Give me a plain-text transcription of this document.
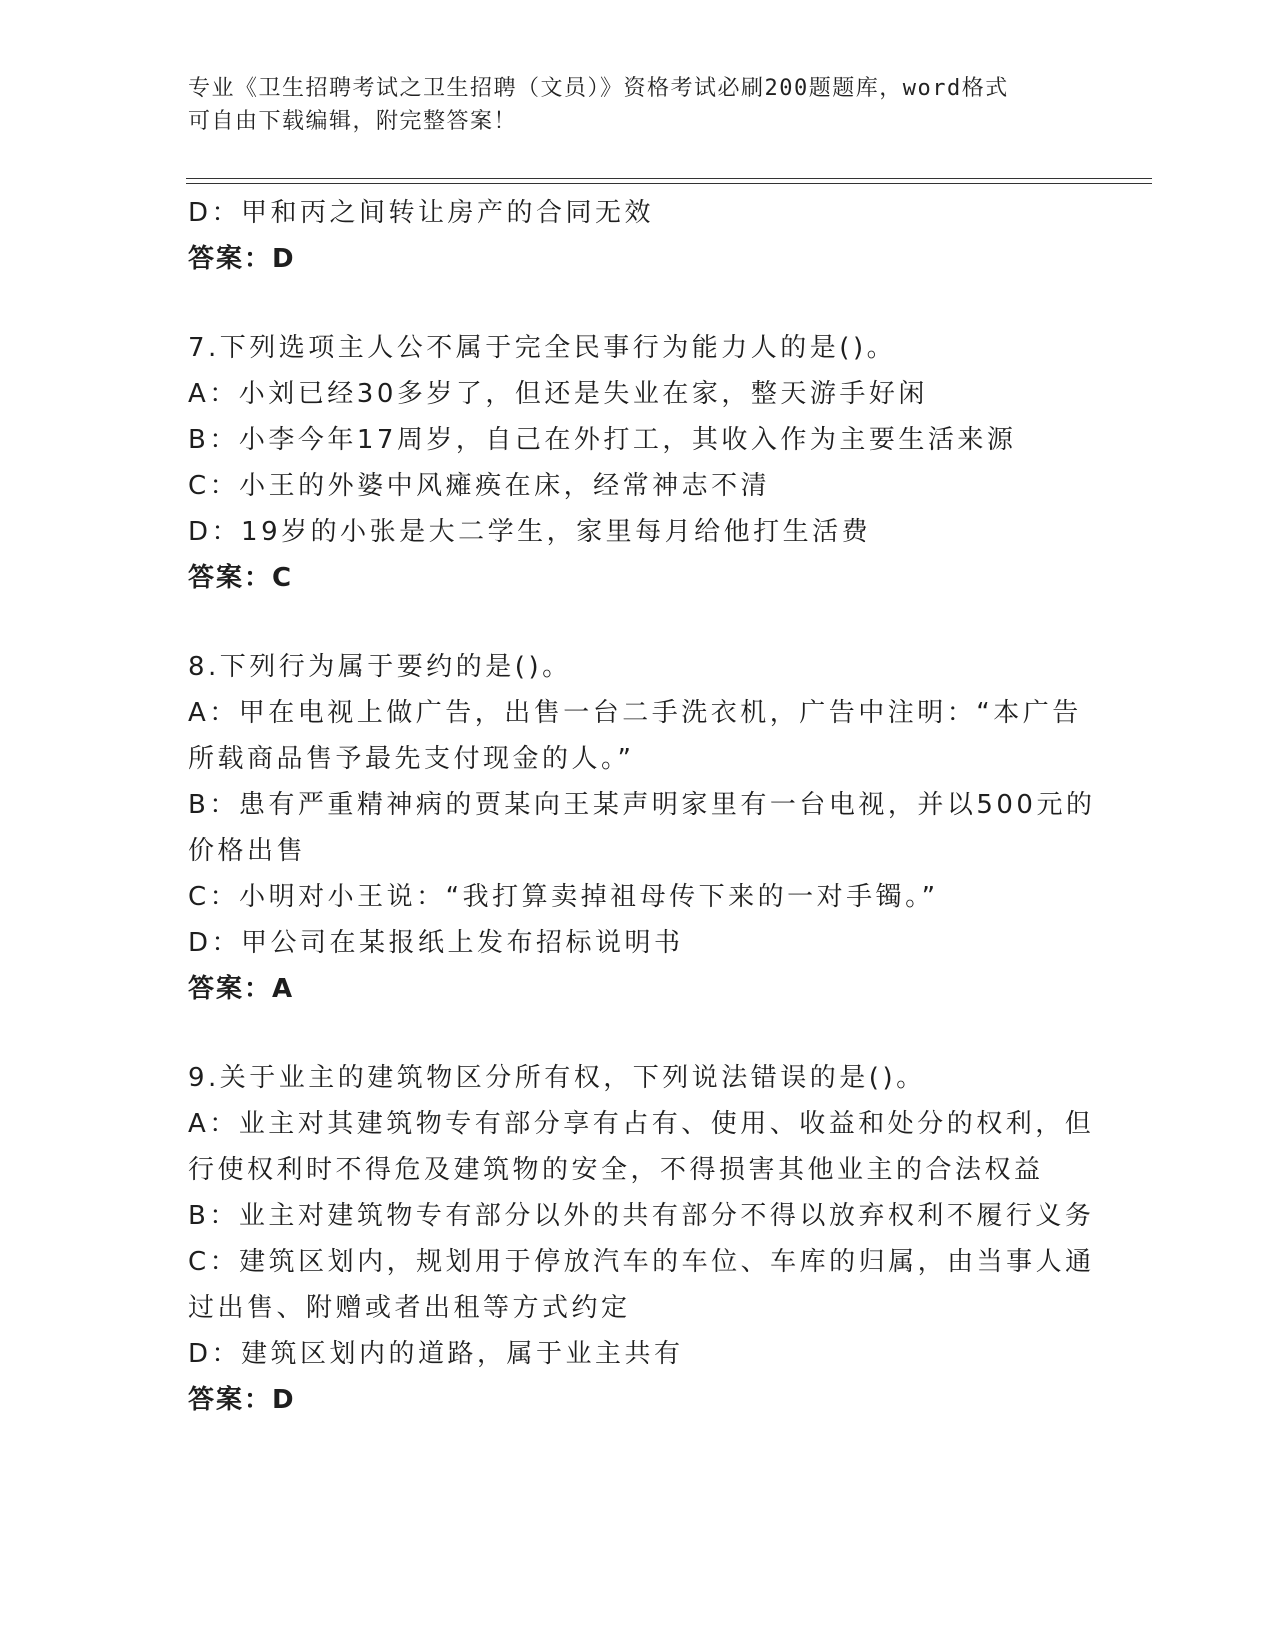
专业《卫生招聘考试之卫生招聘（文员）》资格考试必刷200题题库，word格式
可自由下载编辑，附完整答案！
D：甲和丙之间转让房产的合同无效
答案：D
7.下列选项主人公不属于完全民事行为能力人的是()。
A：小刘已经30多岁了，但还是失业在家，整天游手好闲
B：小李今年17周岁，自己在外打工，其收入作为主要生活来源
C：小王的外婆中风瘫痪在床，经常神志不清
D：19岁的小张是大二学生，家里每月给他打生活费
答案：C
8.下列行为属于要约的是()。
A：甲在电视上做广告，出售一台二手洗衣机，广告中注明：“本广告
所载商品售予最先支付现金的人。”
B：患有严重精神病的贾某向王某声明家里有一台电视，并以500元的
价格出售
C：小明对小王说：“我打算卖掉祖母传下来的一对手镯。”
D：甲公司在某报纸上发布招标说明书
答案：A
9.关于业主的建筑物区分所有权，下列说法错误的是()。
A：业主对其建筑物专有部分享有占有、使用、收益和处分的权利，但
行使权利时不得危及建筑物的安全，不得损害其他业主的合法权益
B：业主对建筑物专有部分以外的共有部分不得以放弃权利不履行义务
C：建筑区划内，规划用于停放汽车的车位、车库的归属，由当事人通
过出售、附赠或者出租等方式约定
D：建筑区划内的道路，属于业主共有
答案：D
